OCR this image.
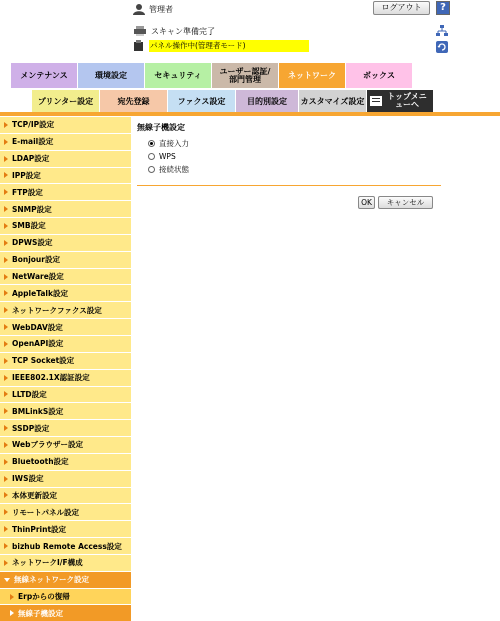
管理者	ログアウト	?
スキャン準備完了
パネル操作中(管理者モード)
メンテナンス	環境設定	セキュリティ ユーザー認証/部門管理	ネットワーク	ボックス
プリンター設定	宛先登録	ファクス設定	目的別設定 カスタマイズ設定	トップメニューへ
TCP/IP設定
E-mail設定
LDAP設定
IPP設定
FTP設定
SNMP設定
SMB設定
DPWS設定
Bonjour設定
NetWare設定
AppleTalk設定
ネットワークファクス設定
WebDAV設定
OpenAPI設定
TCP Socket設定
IEEE802.1X認証設定
LLTD設定
BMLinkS設定
SSDP設定
Webブラウザー設定
Bluetooth設定
IWS設定
本体更新設定
リモートパネル設定
ThinPrint設定
bizhub Remote Access設定
ネットワークI/F構成
無線ネットワーク設定
Erpからの復帰
無線子機設定
無線子機設定
直接入力
WPS
接続状態
OK	キャンセル
